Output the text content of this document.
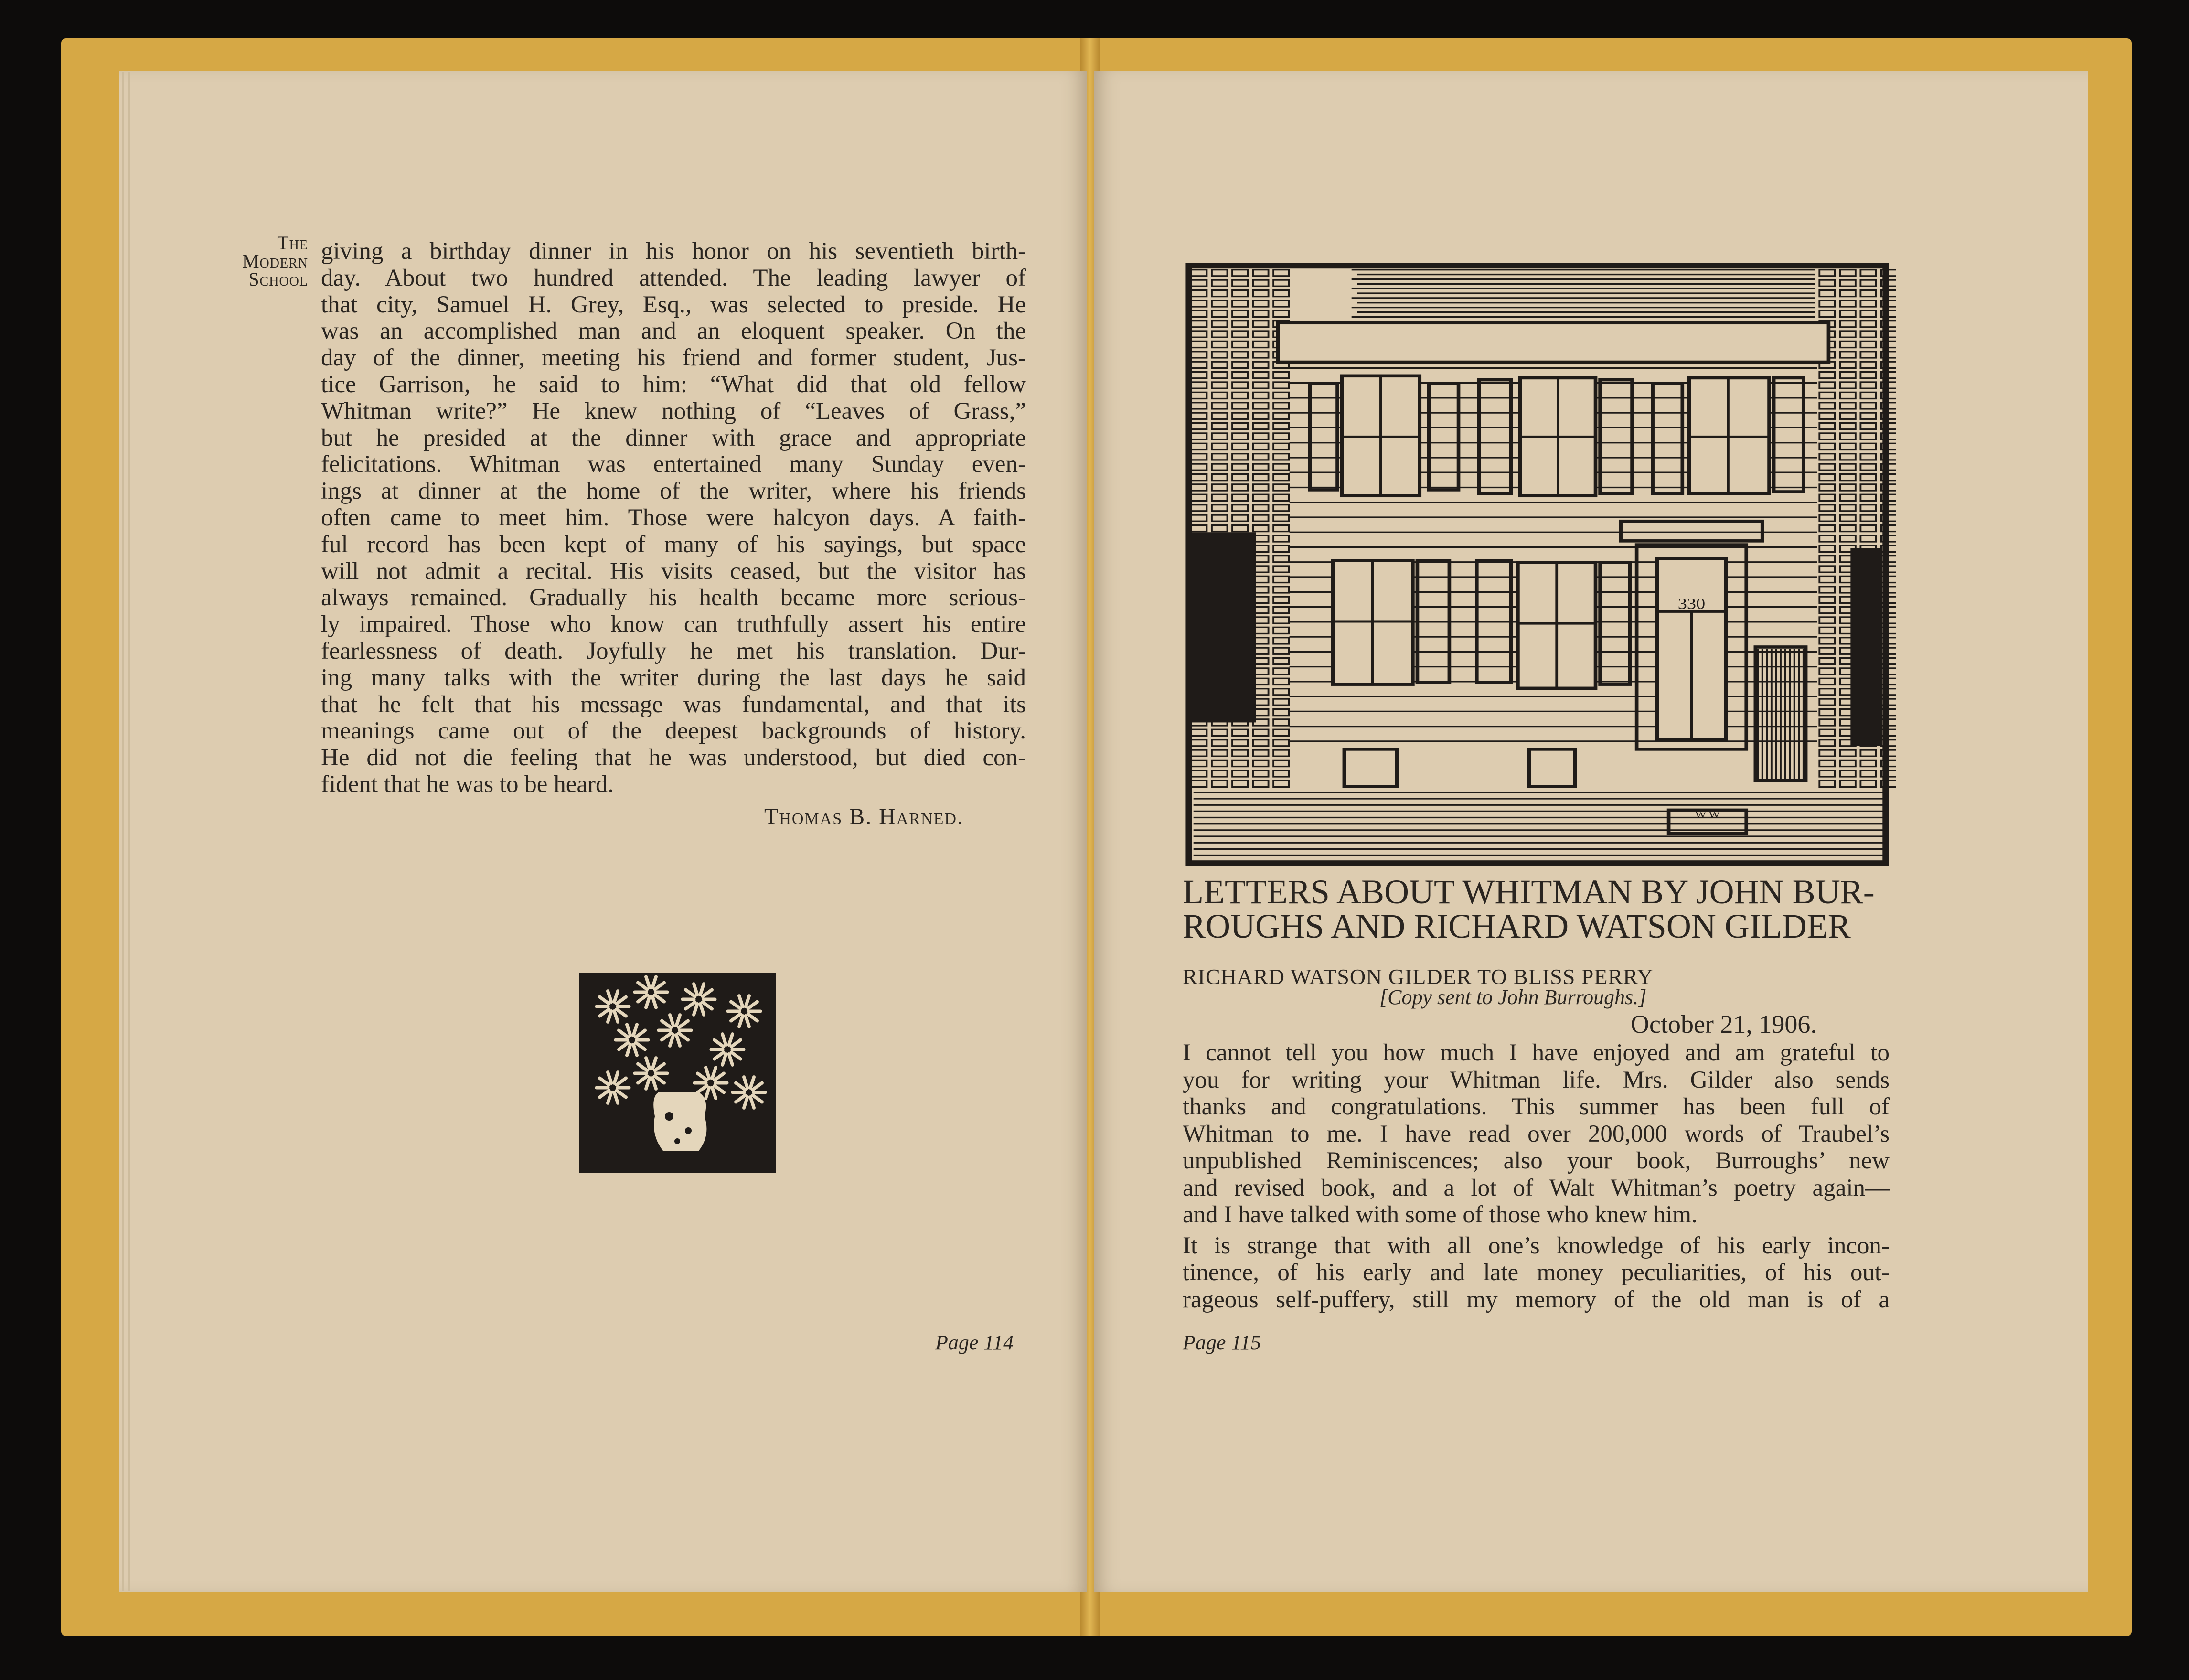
The
Modern
School
giving a birthday dinner in his honor on his seventieth birth-
day. About two hundred attended. The leading lawyer of
that city, Samuel H. Grey, Esq., was selected to preside. He
was an accomplished man and an eloquent speaker. On the
day of the dinner, meeting his friend and former student, Jus-
tice Garrison, he said to him: “What did that old fellow
Whitman write?” He knew nothing of “Leaves of Grass,”
but he presided at the dinner with grace and appropriate
felicitations. Whitman was entertained many Sunday even-
ings at dinner at the home of the writer, where his friends
often came to meet him. Those were halcyon days. A faith-
ful record has been kept of many of his sayings, but space
will not admit a recital. His visits ceased, but the visitor has
always remained. Gradually his health became more serious-
ly impaired. Those who know can truthfully assert his entire
fearlessness of death. Joyfully he met his translation. Dur-
ing many talks with the writer during the last days he said
that he felt that his message was fundamental, and that its
meanings came out of the deepest backgrounds of history.
He did not die feeling that he was understood, but died con-
fident that he was to be heard.
Thomas B. Harned.
Page 114
330
W W
LETTERS ABOUT WHITMAN BY JOHN BUR-
ROUGHS AND RICHARD WATSON GILDER
RICHARD WATSON GILDER TO BLISS PERRY
[Copy sent to John Burroughs.]
October 21, 1906.
I cannot tell you how much I have enjoyed and am grateful to
you for writing your Whitman life. Mrs. Gilder also sends
thanks and congratulations. This summer has been full of
Whitman to me. I have read over 200,000 words of Traubel’s
unpublished Reminiscences; also your book, Burroughs’ new
and revised book, and a lot of Walt Whitman’s poetry again—
and I have talked with some of those who knew him.
It is strange that with all one’s knowledge of his early incon-
tinence, of his early and late money peculiarities, of his out-
rageous self-puffery, still my memory of the old man is of a
Page 115
